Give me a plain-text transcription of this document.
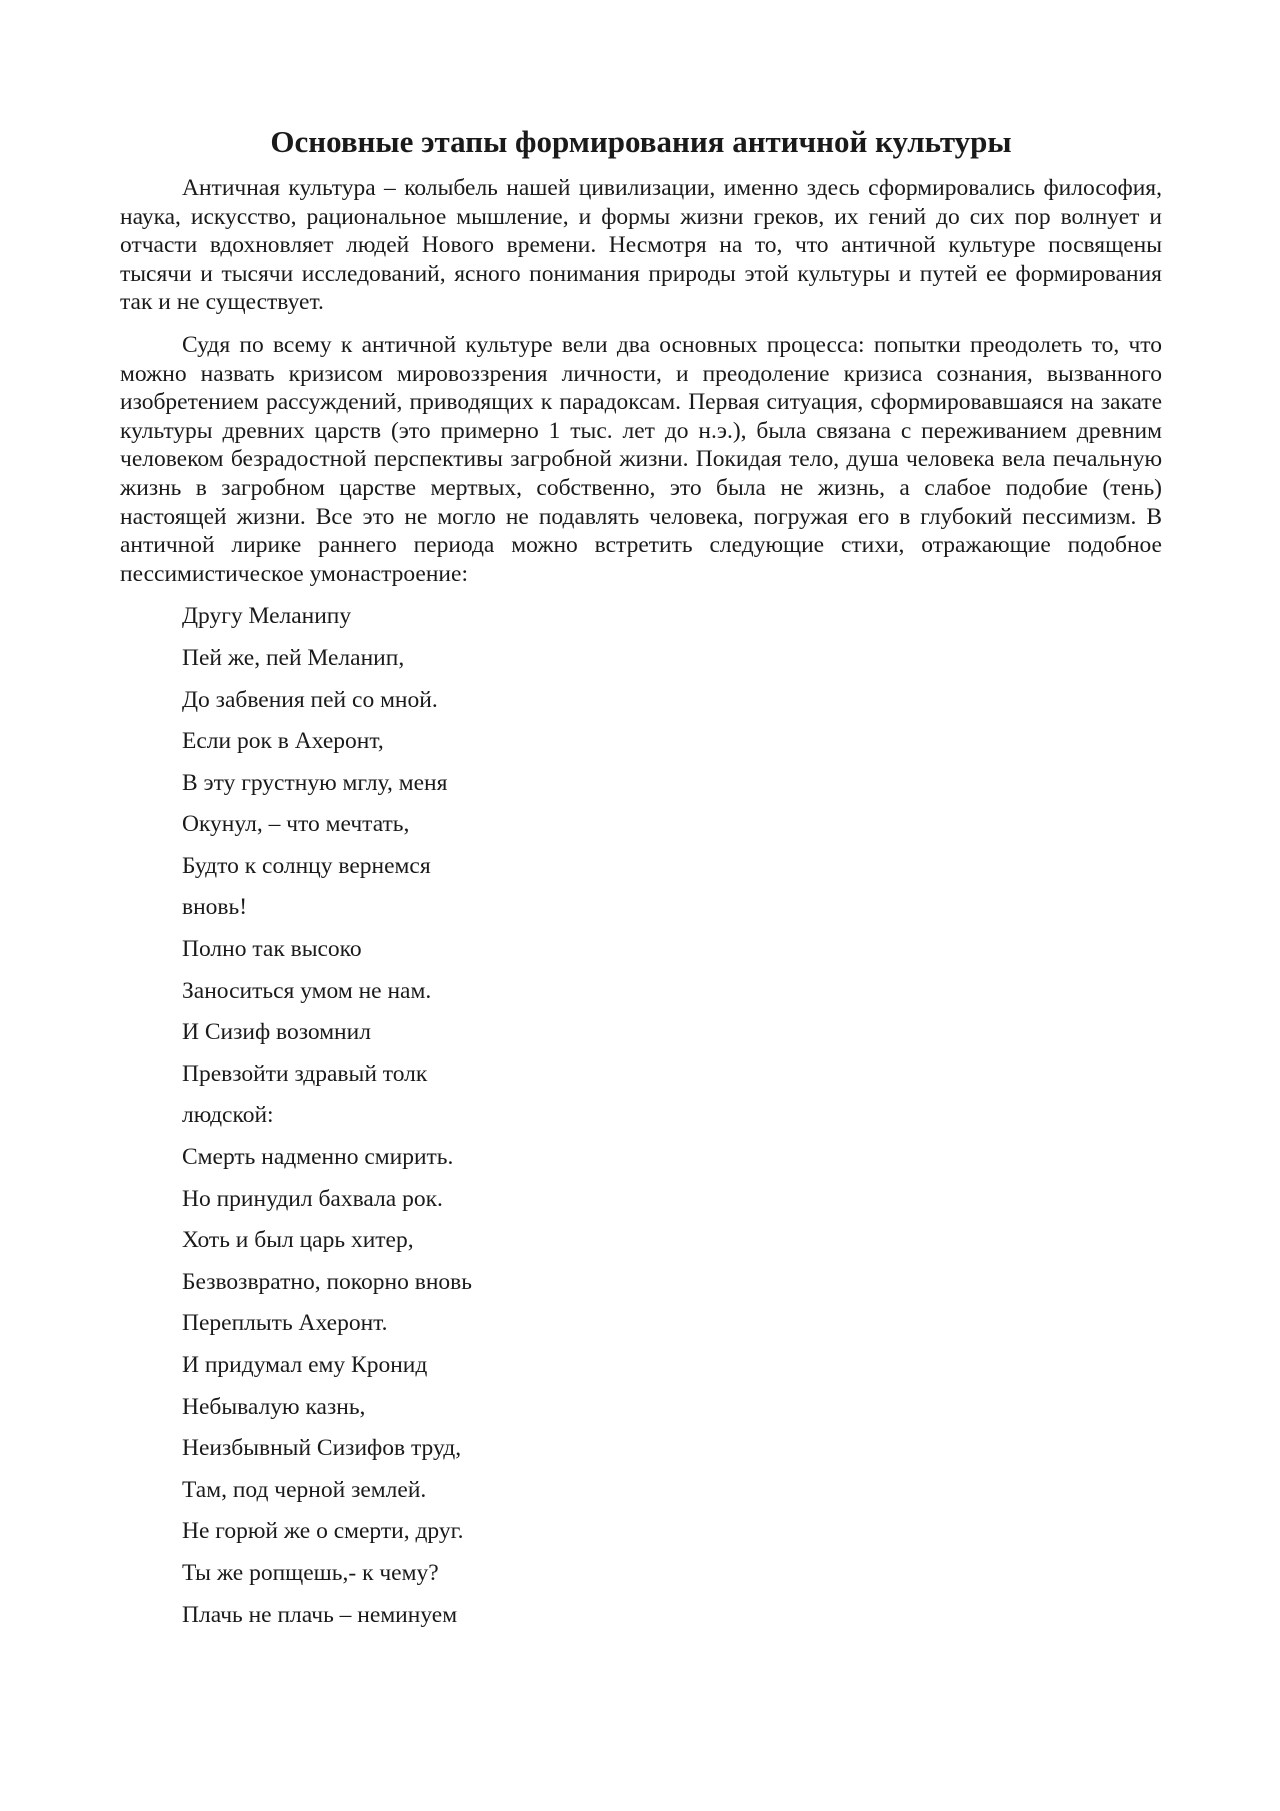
Основные этапы формирования античной культуры

Античная культура – колыбель нашей цивилизации, именно здесь сформировались философия, наука, искусство, рациональное мышление, и формы жизни греков, их гений до сих пор волнует и отчасти вдохновляет людей Нового времени. Несмотря на то, что античной культуре посвящены тысячи и тысячи исследований, ясного понимания природы этой культуры и путей ее формирования так и не существует.

Судя по всему к античной культуре вели два основных процесса: попытки преодолеть то, что можно назвать кризисом мировоззрения личности, и преодоление кризиса сознания, вызванного изобретением рассуждений, приводящих к парадоксам. Первая ситуация, сформировавшаяся на закате культуры древних царств (это примерно 1 тыс. лет до н.э.), была связана с переживанием древним человеком безрадостной перспективы загробной жизни. Покидая тело, душа человека вела печальную жизнь в загробном царстве мертвых, собственно, это была не жизнь, а слабое подобие (тень) настоящей жизни. Все это не могло не подавлять человека, погружая его в глубокий пессимизм. В античной лирике раннего периода можно встретить следующие стихи, отражающие подобное пессимистическое умонастроение:

Другу Меланипу
Пей же, пей Меланип,
До забвения пей со мной.
Если рок в Ахеронт,
В эту грустную мглу, меня
Окунул, – что мечтать,
Будто к солнцу вернемся
вновь!
Полно так высоко
Заноситься умом не нам.
И Сизиф возомнил
Превзойти здравый толк
людской:
Смерть надменно смирить.
Но принудил бахвала рок.
Хоть и был царь хитер,
Безвозвратно, покорно вновь
Переплыть Ахеронт.
И придумал ему Кронид
Небывалую казнь,
Неизбывный Сизифов труд,
Там, под черной землей.
Не горюй же о смерти, друг.
Ты же ропщешь,- к чему?
Плачь не плачь – неминуем
